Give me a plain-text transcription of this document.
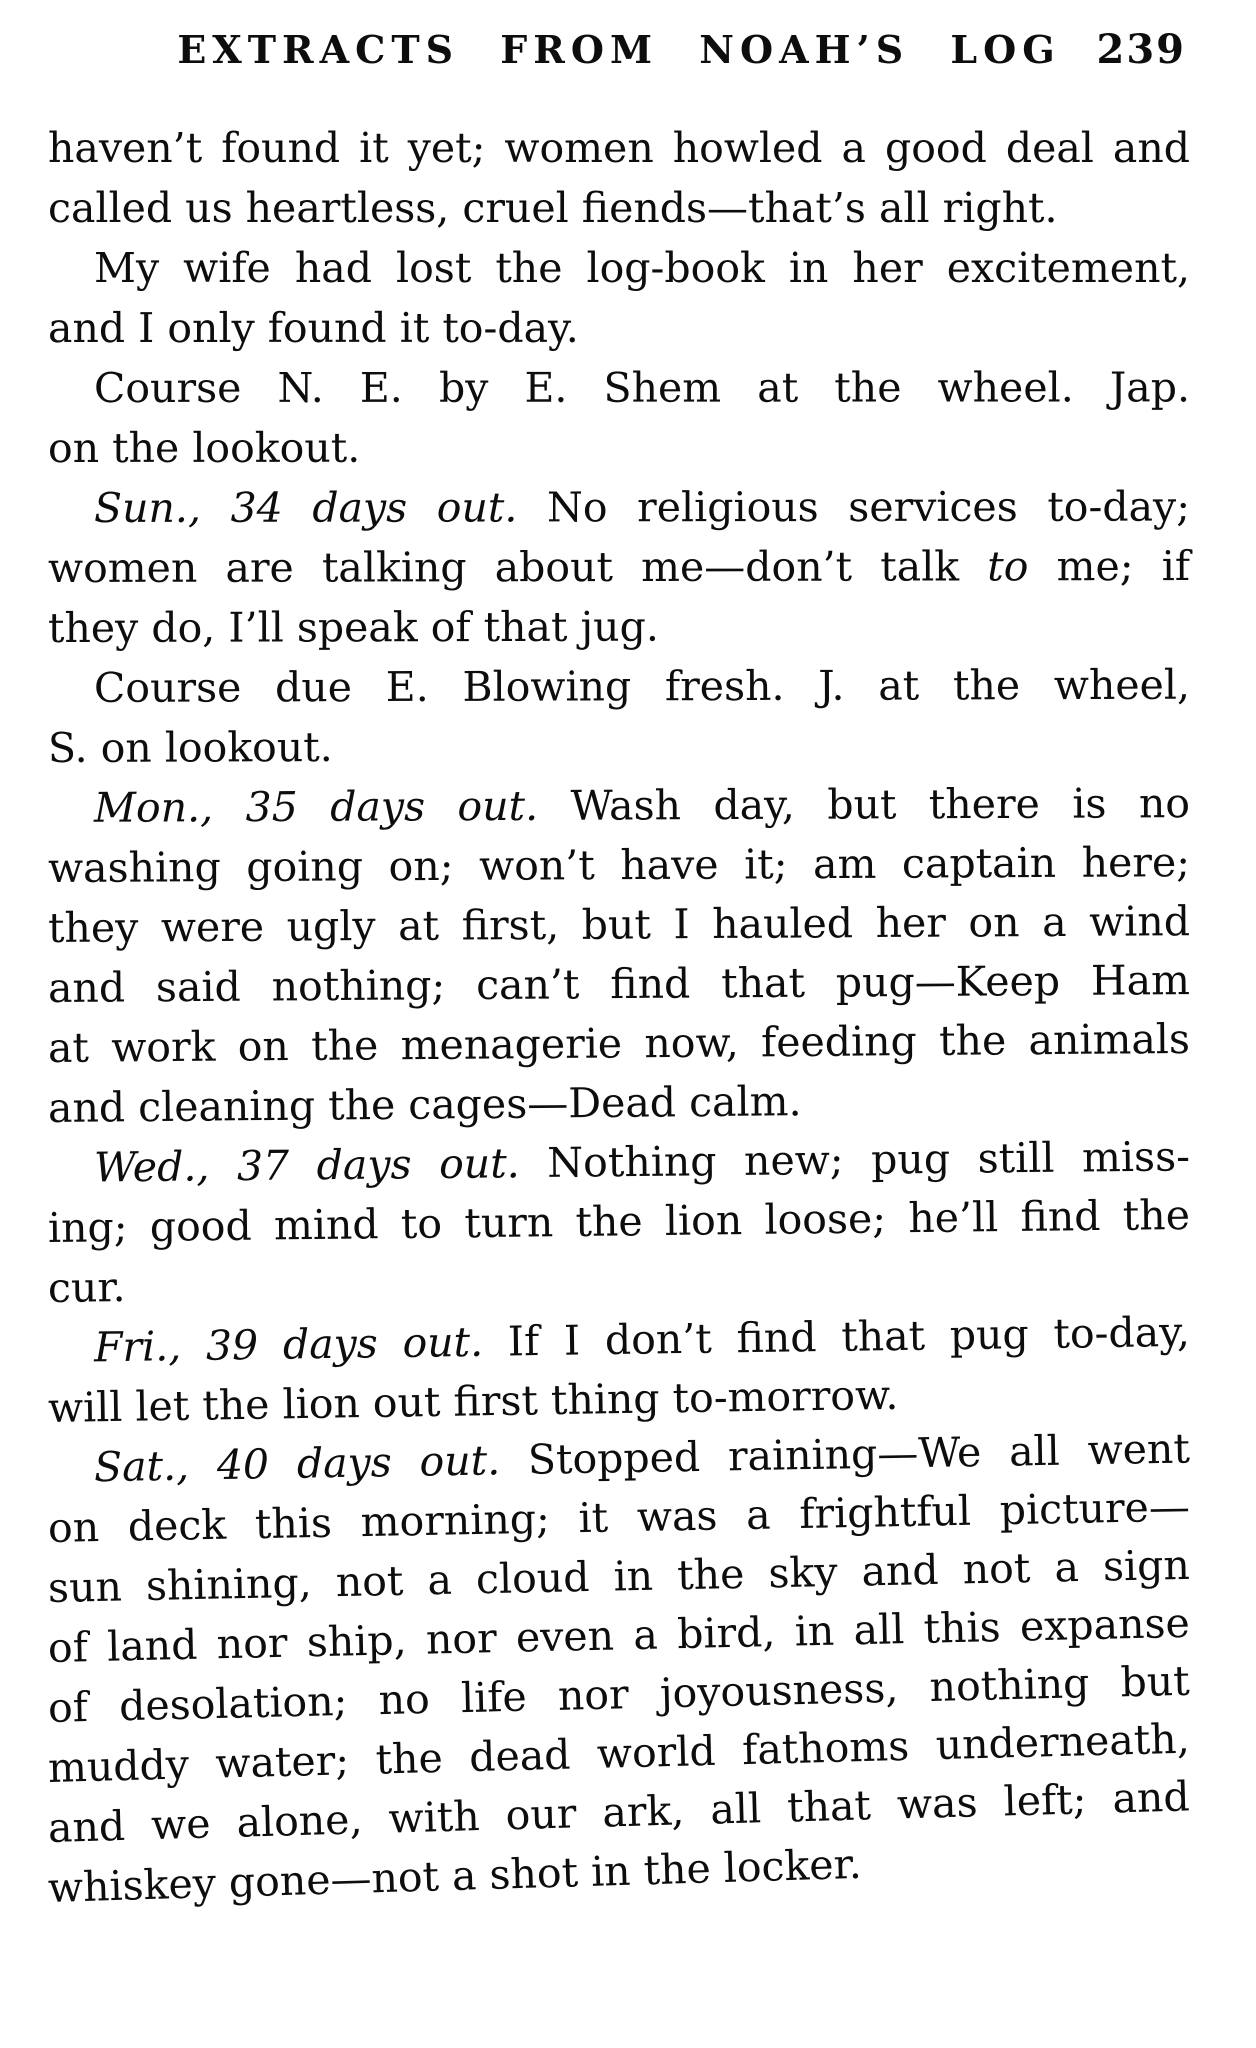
EXTRACTS FROM NOAH’S LOG 239
haven’t found it yet; women howled a good deal and
called us heartless, cruel fiends—that’s all right.
My wife had lost the log-book in her excitement,
and I only found it to-day.
Course N. E. by E. Shem at the wheel. Jap.
on the lookout.
Sun., 34 days out. No religious services to-day;
women are talking about me—don’t talk to me; if
they do, I’ll speak of that jug.
Course due E. Blowing fresh. J. at the wheel,
S. on lookout.
Mon., 35 days out. Wash day, but there is no
washing going on; won’t have it; am captain here;
they were ugly at first, but I hauled her on a wind
and said nothing; can’t find that pug—Keep Ham
at work on the menagerie now, feeding the animals
and cleaning the cages—Dead calm.
Wed., 37 days out. Nothing new; pug still miss-
ing; good mind to turn the lion loose; he’ll find the
cur.
Fri., 39 days out. If I don’t find that pug to-day,
will let the lion out first thing to-morrow.
Sat., 40 days out. Stopped raining—We all went
on deck this morning; it was a frightful picture—
sun shining, not a cloud in the sky and not a sign
of land nor ship, nor even a bird, in all this expanse
of desolation; no life nor joyousness, nothing but
muddy water; the dead world fathoms underneath,
and we alone, with our ark, all that was left; and
whiskey gone—not a shot in the locker.
